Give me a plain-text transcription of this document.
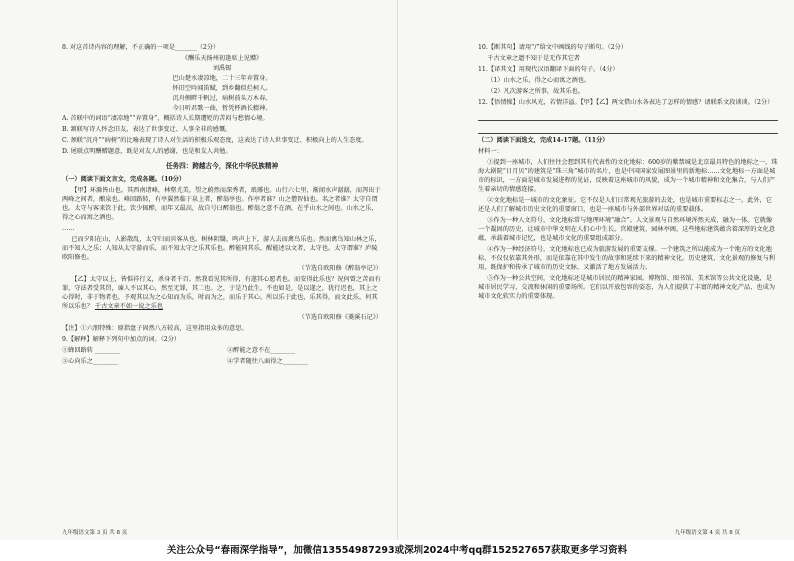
8. 对这首诗内容的理解，不正确的一项是_______（2分）

《酬乐天扬州初逢席上见赠》

刘禹锡

巴山楚水凄凉地，二十三年弃置身。

怀旧空吟闻笛赋，到乡翻似烂柯人。

沉舟侧畔千帆过，病树前头万木春。

今日听君歌一曲，暂凭杯酒长精神。

A. 首联中的词语“凄凉地”“弃置身”，概括诗人长期遭贬的苦闷与愁情心境。

B. 颔联写诗人怀念旧友，表达了世事变迁、人事全非的感慨。

C. 颈联“沉舟”“病树”的比喻表现了诗人对生活的积极乐观态度，这表达了诗人世事变迁、积极向上的人生态度。

D. 尾联点明酬赠题意，既是对友人的感谢，也是和友人共勉。

任务四：跨越古今，深化中华民族精神

（一）阅读下面文言文，完成各题。（10分）

【甲】环滁皆山也。其西南诸峰，林壑尤美，望之蔚然而深秀者，琅琊也。山行六七里，渐闻水声潺潺，而泻出于两峰之间者，酿泉也。峰回路转，有亭翼然临于泉上者，醉翁亭也。作亭者谁？山之僧智仙也。名之者谁？太守自谓也。太守与客来饮于此，饮少辄醉，而年又最高，故自号曰醉翁也。醉翁之意不在酒，在乎山水之间也。山水之乐，得之心而寓之酒也。

……

已而夕阳在山，人影散乱，太守归而宾客从也。树林阴翳，鸣声上下，游人去而禽鸟乐也。然而禽鸟知山林之乐，而不知人之乐；人知从太守游而乐，而不知太守之乐其乐也。醉能同其乐，醒能述以文者，太守也。太守谓谁？庐陵欧阳修也。

（节选自欧阳修《醉翁亭记》）

【乙】太守以上，皆惧祥行义，杀身者千百。然我看见其所得，有遂其心愿者也。而安得此乐也？况何曾之苦而有罪，守法者受其罚，谏人不以其心，然至无罪，其二也。之，于是乃此生，不也如是，是以遂之，犹行迟也，其上之心得时，非于物者也。予观其以为之心知而为乐，时而为之，而乐于其心。所以乐于此也，乐其得，而文此乐，何其所以乐也？ 千古文章不如一说之乐也

（节选自欧阳修《菱溪石记》）

【注】①六朋特殊：原指盘子固然八方较高，这里指用众多的意思。

9.【解释】解释下列句中加点的词。（2分）

①蜂回路转 ________	②醉能之意不在________

③心向乐之________	④学者随往八面得之________

九年级语文第 3 页 共 8 页

10.【断其句】请用“/”给文中画线的句子断句。（2分）

千古文章之遗不知于是无作其它者

11.【译其文】用现代汉语翻译下面的句子。（4分）

（1）山水之乐，得之心而寓之酒也。

（2）凡次游客之所事，故其乐也。

12.【悟情操】山水风光，若情洋溢。【甲】【乙】两文借山水各表达了怎样的情感？请联系文段谈谈。（2分）

（二）阅读下面选文，完成14-17题。（11分）

材料一：

①提到一座城市，人们往往会想到其有代表性的文化地标：600岁的紫禁城是北京最具特色的地标之一，珠海大剧院“日月贝”的建筑是“珠三角”城市的名片，也是中国国家发展图景里的新地标……文化地标一方面是城市的标识，一方面是城市发展进程的见证，反映着这座城市的风貌，成为一个城市精神和文化集合，与人们产生着亲切的情感连接。

②文化地标是一城市的文化象征。它不仅是人们日常观光旅游的去处，也是城市重要标志之一。此外，它还是人们了解城市历史文化的重要窗口，也是一座城市与外部世界对话的重要载体。

③作为一种人文符号，文化地标常与地理环境“融合”。人文景观与自然环境浑然天成，融为一体。它就像一个凝固的历史，让城市中华文明在人们心中生长。宫殿建筑、园林亭阁，这些地标建筑蕴含着深厚的文化意蕴，承载着城市记忆，也是城市文化的重要组成部分。

④作为一种经济符号，文化地标也已成为旅游发展的重要支撑。一个建筑之所以能成为一个地方的文化地标，不仅仅依靠其外形，而是依靠在其中发生的故事和延续下来的精神文化。历史建筑、文化景观的修复与利用，既保护和传承了城市的历史文脉，又激活了地方发展活力。

⑤作为一种公共空间，文化地标还是城市居民的精神家园。博物馆、图书馆、美术馆等公共文化设施，是城市居民学习、交流和休闲的重要场所。它们以开放包容的姿态，为人们提供了丰富的精神文化产品，也成为城市文化软实力的重要体现。

九年级语文第 4 页 共 8 页
关注公众号“春雨深学指导”，加微信13554987293或深圳2024中考qq群152527657获取更多学习资料
